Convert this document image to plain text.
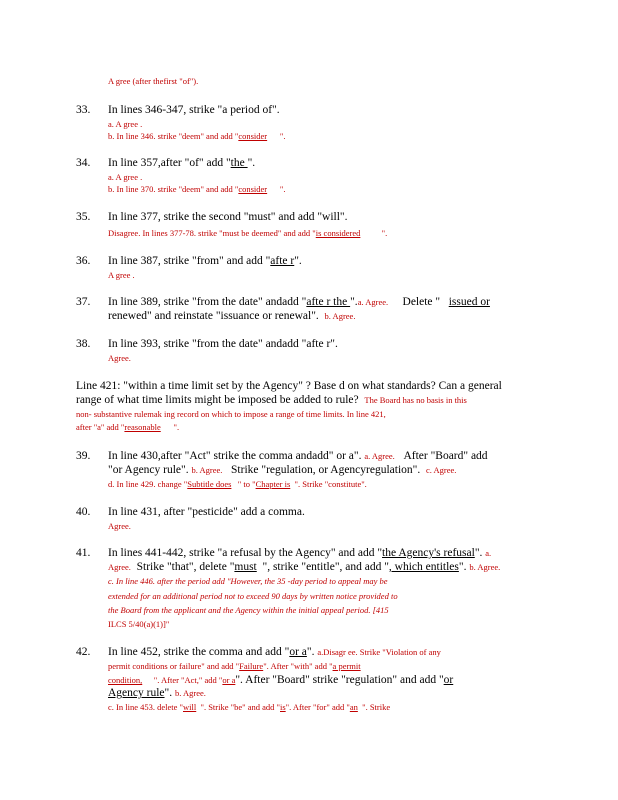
A gree (after thefirst "of").
33. In lines 346-347, strike "a period of".
a. A gree .
b. In line 346. strike "deem" and add "consider ".
34. In line 357,after "of" add "the ".
a. A gree .
b. In line 370. strike "deem" and add "consider ".
35. In line 377, strike the second "must" and add "will".
Disagree. In lines 377-78. strike "must be deemed" and add "is considered	".
36. In line 387, strike "from" and add "afte r".
A gree .
37. In line 389, strike "from the date" andadd "afte r the ".a. Agree. Delete " issued or
renewed" and reinstate "issuance or renewal". b. Agree.
38. In line 393, strike "from the date" andadd "afte r".
Agree.
Line 421: "within a time limit set by the Agency" ? Base d on what standards? Can a general
range of what time limits might be imposed be added to rule? The Board has no basis in this
non- substantive rulemak ing record on which to impose a range of time limits. In line 421,
after "a" add "reasonable ".
39. In line 430,after "Act" strike the comma andadd" or a". a. Agree. After "Board" add
"or Agency rule". b. Agree. Strike "regulation, or Agencyregulation". c. Agree.
d. In line 429. change "Subtitle does " to "Chapter is ". Strike "constitute".
40. In line 431, after "pesticide" add a comma.
Agree.
41. In lines 441-442, strike "a refusal by the Agency" and add "the Agency's refusal". a.
Agree. Strike "that", delete "must ", strike "entitle", and add ", which entitles". b. Agree.
c. In line 446. after the period add "However, the 35 -day period to appeal may be
extended for an additional period not to exceed 90 days by written notice provided to
the Board from the applicant and the Agency within the initial appeal period. [415
ILCS 5/40(a)(1)]"
42. In line 452, strike the comma and add "or a". a.Disagr ee. Strike "Violation of any
permit conditions or failure" and add "Failure". After "with" add "a permit
condition, ". After "Act," add "or a". After "Board" strike "regulation" and add "or
Agency rule". b. Agree.
c. In line 453. delete "will ". Strike "be" and add "is". After "for" add "an ". Strike
